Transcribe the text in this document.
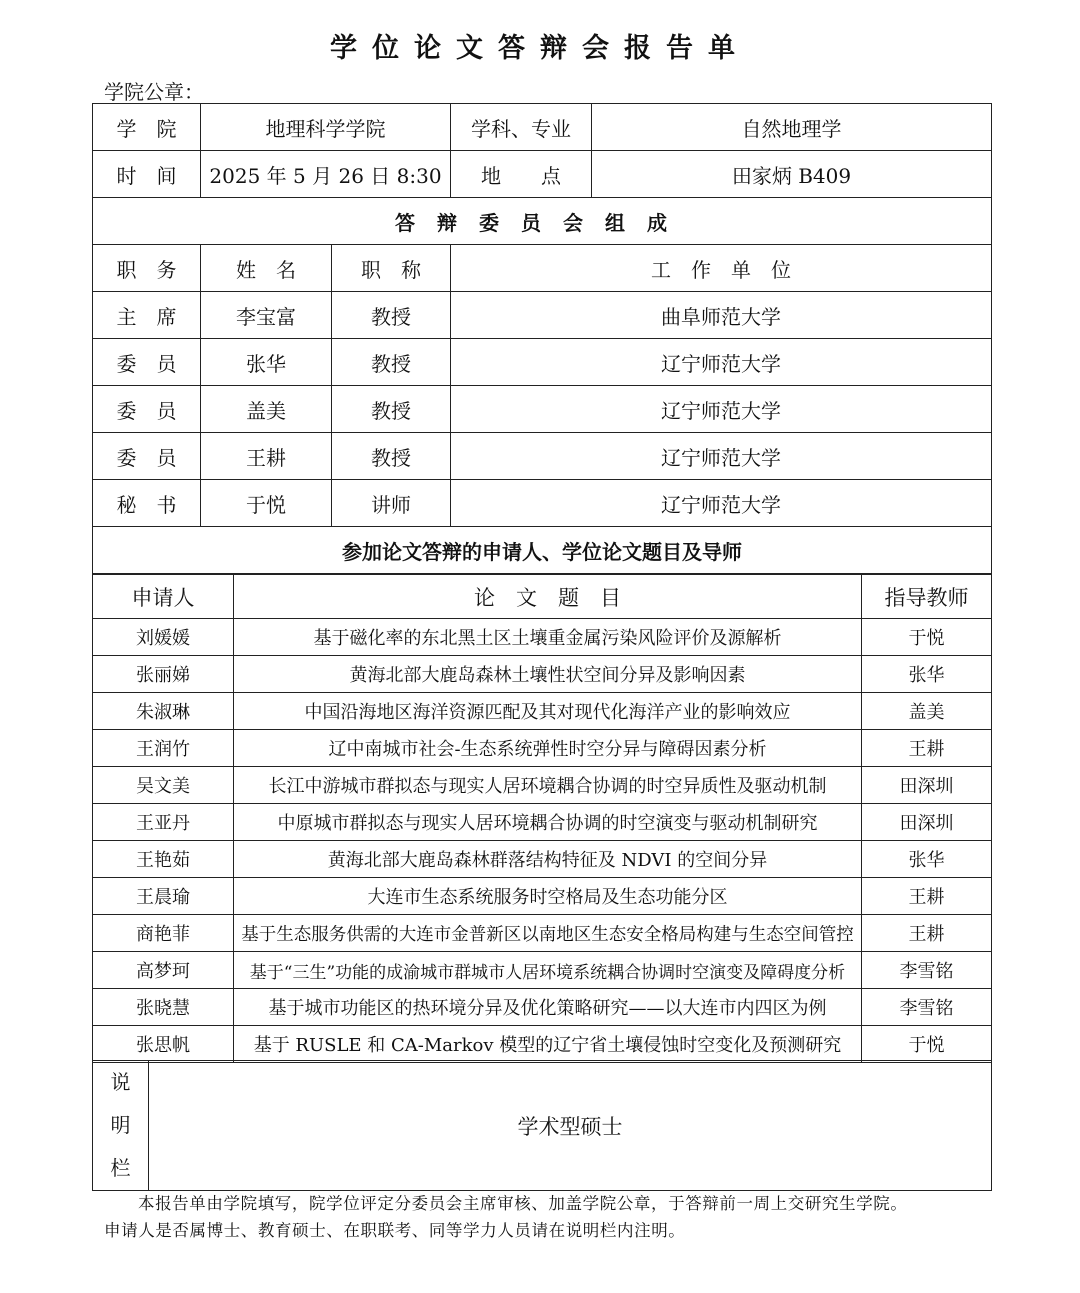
学位论文答辩会报告单
学院公章：
学　院	地理科学学院		学科、专业	自然地理学
时　间	2025 年 5 月 26 日 8:30		地　　点	田家炳 B409
答辩委员会组成				
职　务	姓　名	职　称	工　作　单　位	
主　席	李宝富	教授	曲阜师范大学	
委　员	张华	教授	辽宁师范大学	
委　员	盖美	教授	辽宁师范大学	
委　员	王耕	教授	辽宁师范大学	
秘　书	于悦	讲师	辽宁师范大学	
参加论文答辩的申请人、学位论文题目及导师				
申请人	论　文　题　目	指导教师
刘媛媛	基于磁化率的东北黑土区土壤重金属污染风险评价及源解析	于悦
张丽娣	黄海北部大鹿岛森林土壤性状空间分异及影响因素	张华
朱淑琳	中国沿海地区海洋资源匹配及其对现代化海洋产业的影响效应	盖美
王润竹	辽中南城市社会-生态系统弹性时空分异与障碍因素分析	王耕
吴文美	长江中游城市群拟态与现实人居环境耦合协调的时空异质性及驱动机制	田深圳
王亚丹	中原城市群拟态与现实人居环境耦合协调的时空演变与驱动机制研究	田深圳
王艳茹	黄海北部大鹿岛森林群落结构特征及 NDVI 的空间分异	张华
王晨瑜	大连市生态系统服务时空格局及生态功能分区	王耕
商艳菲	基于生态服务供需的大连市金普新区以南地区生态安全格局构建与生态空间管控	王耕
高梦珂	基于“三生”功能的成渝城市群城市人居环境系统耦合协调时空演变及障碍度分析	李雪铭
张晓慧	基于城市功能区的热环境分异及优化策略研究——以大连市内四区为例	李雪铭
张思帆	基于 RUSLE 和 CA-Markov 模型的辽宁省土壤侵蚀时空变化及预测研究	于悦
说
明
栏
	学术型硕士
本报告单由学院填写，院学位评定分委员会主席审核、加盖学院公章，于答辩前一周上交研究生学院。
申请人是否属博士、教育硕士、在职联考、同等学力人员请在说明栏内注明。
